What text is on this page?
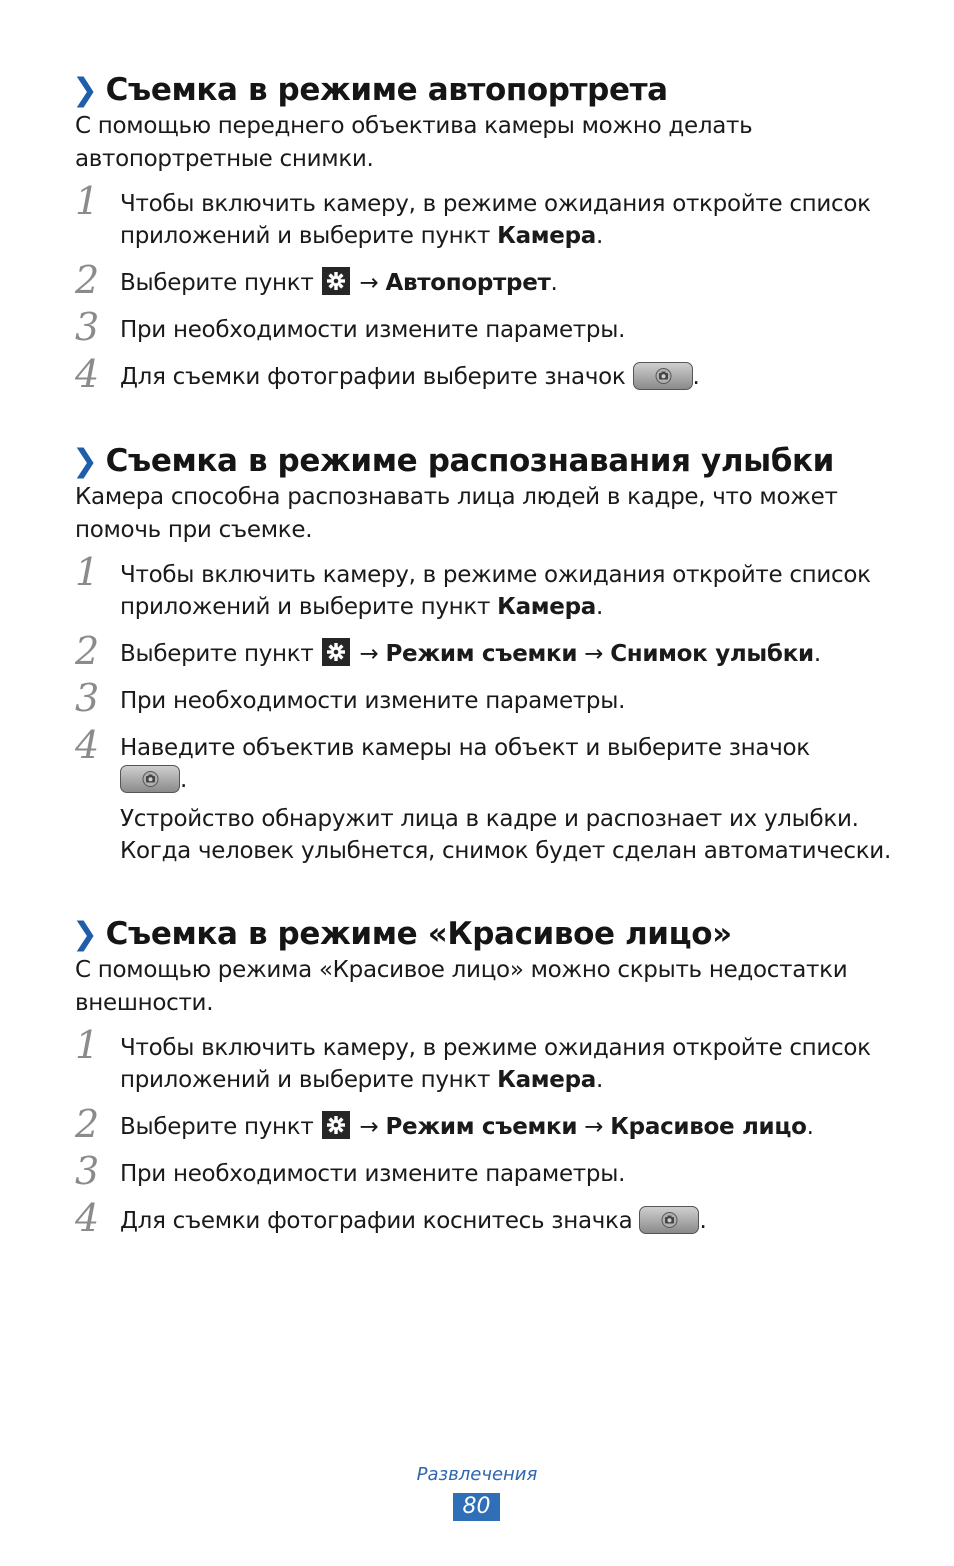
❯ Съемка в режиме автопортрета

С помощью переднего объектива камеры можно делать автопортретные снимки.

1 Чтобы включить камеру, в режиме ожидания откройте список приложений и выберите пункт Камера.
2 Выберите пункт
→ Автопортрет.
3 При необходимости измените параметры.
4 Для съемки фотографии выберите значок	.
❯ Съемка в режиме распознавания улыбки

Камера способна распознавать лица людей в кадре, что может помочь при съемке.

1 Чтобы включить камеру, в режиме ожидания откройте список приложений и выберите пункт Камера.
2 Выберите пункт
→ Режим съемки → Снимок улыбки.
3 При необходимости измените параметры.
4 Наведите объектив камеры на объект и выберите значок

.
Устройство обнаружит лица в кадре и распознает их улыбки. Когда человек улыбнется, снимок будет сделан автоматически.
❯ Съемка в режиме «Красивое лицо»

С помощью режима «Красивое лицо» можно скрыть недостатки внешности.

1 Чтобы включить камеру, в режиме ожидания откройте список приложений и выберите пункт Камера.
2 Выберите пункт
→ Режим съемки → Красивое лицо.
3 При необходимости измените параметры.
4 Для съемки фотографии коснитесь значка	.
Развлечения
80
